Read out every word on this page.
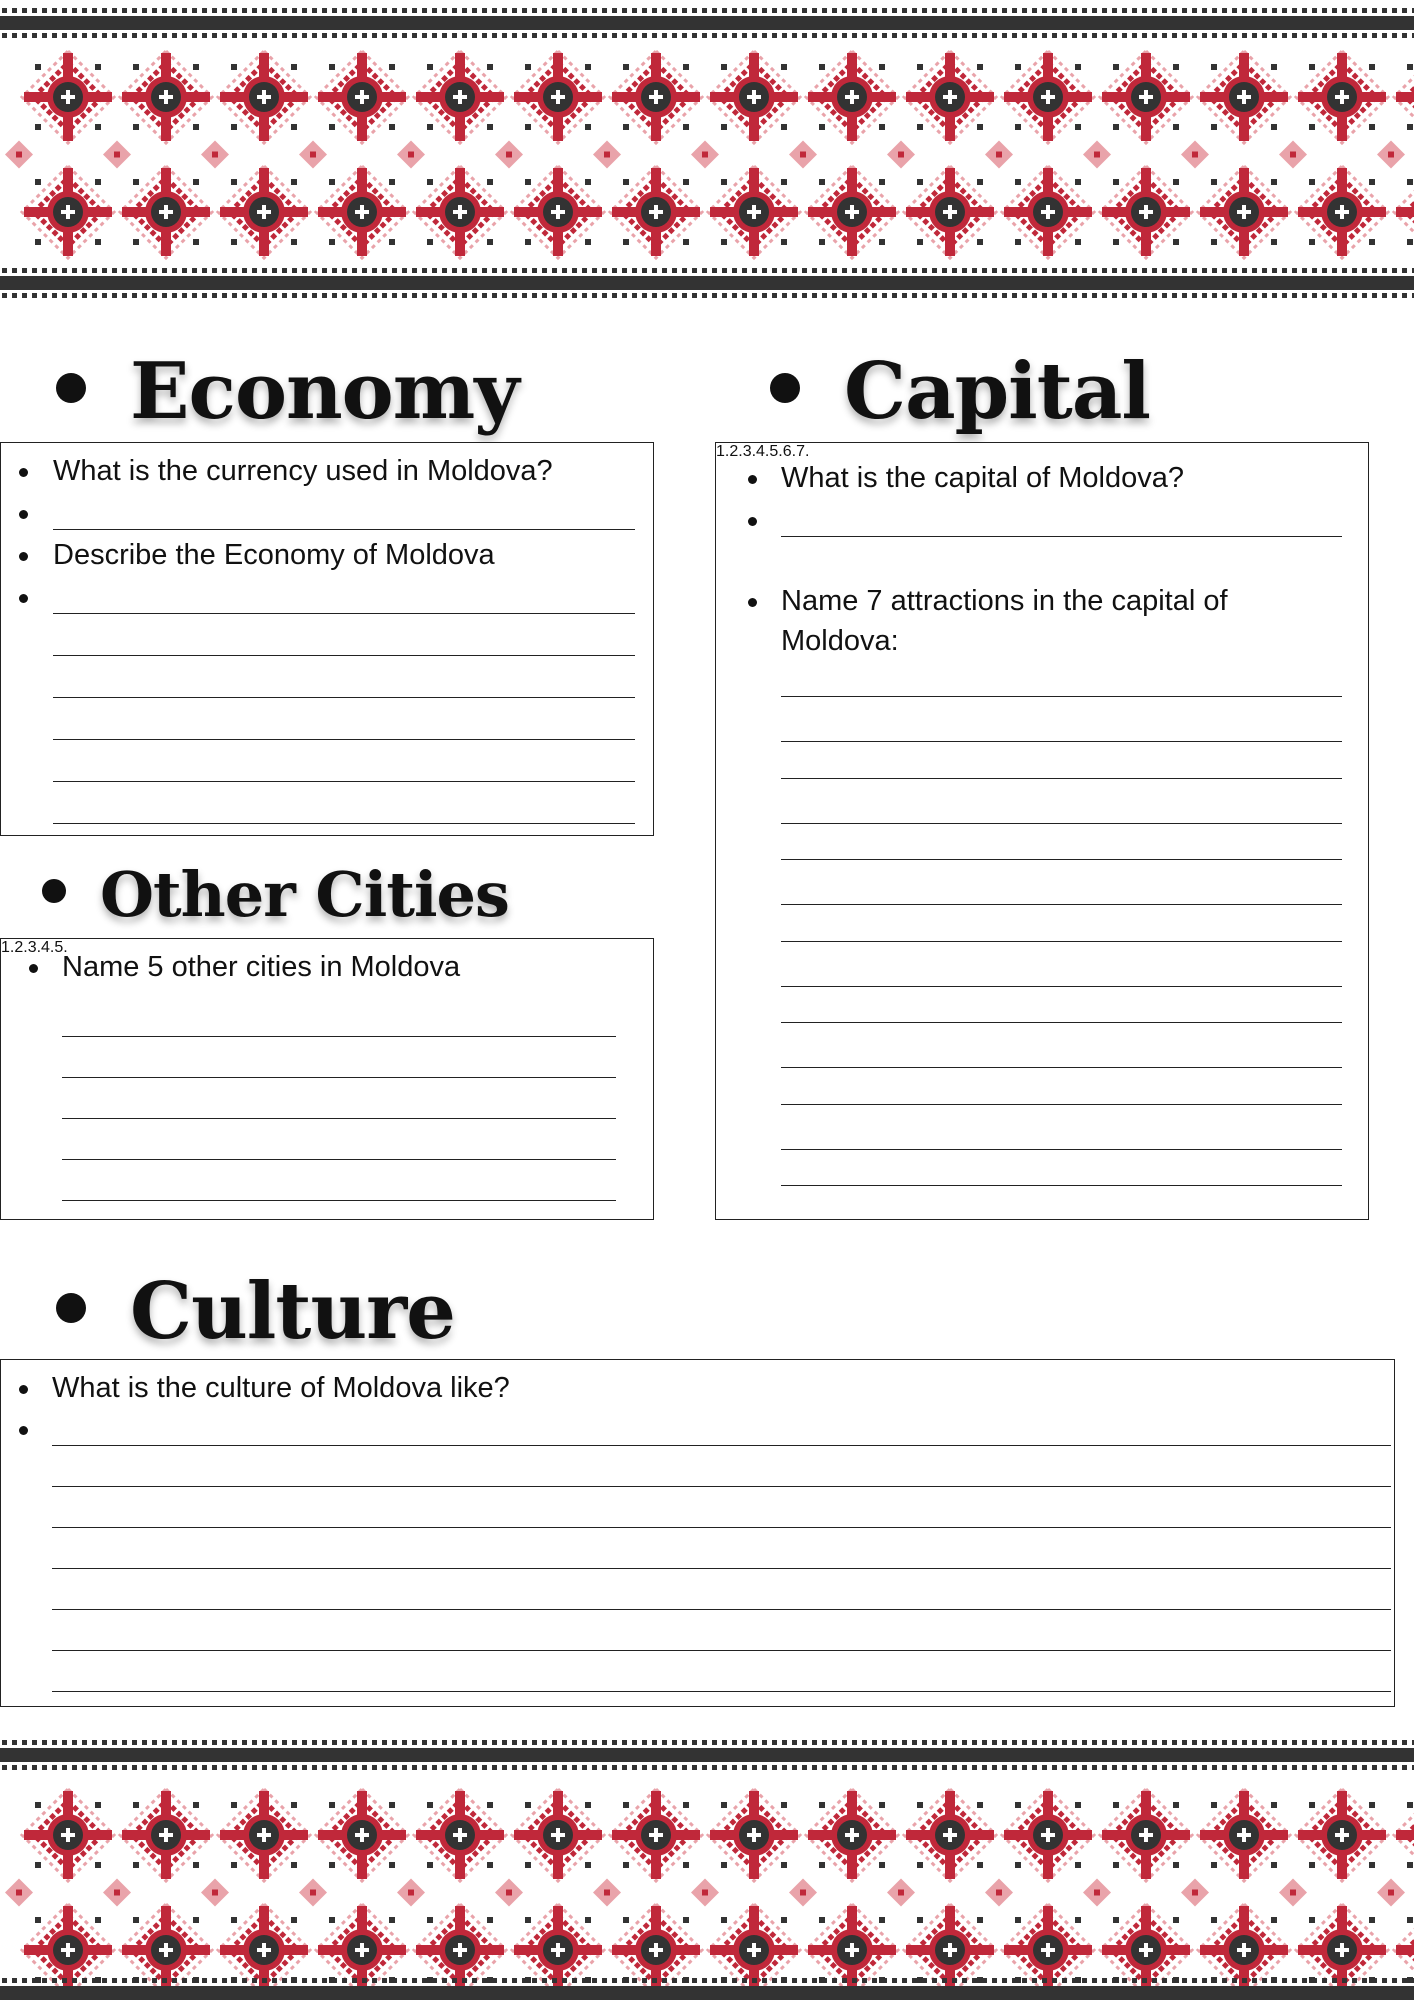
Economy
What is the currency used in Moldova?
Describe the Economy of Moldova
Capital
What is the capital of Moldova?
Name 7 attractions in the capital of
Moldova:
1.
2.
3.
4.
5.
6.
7.
Other Cities
Name 5 other cities in Moldova
1.
2.
3.
4.
5.
Culture
What is the culture of Moldova like?
